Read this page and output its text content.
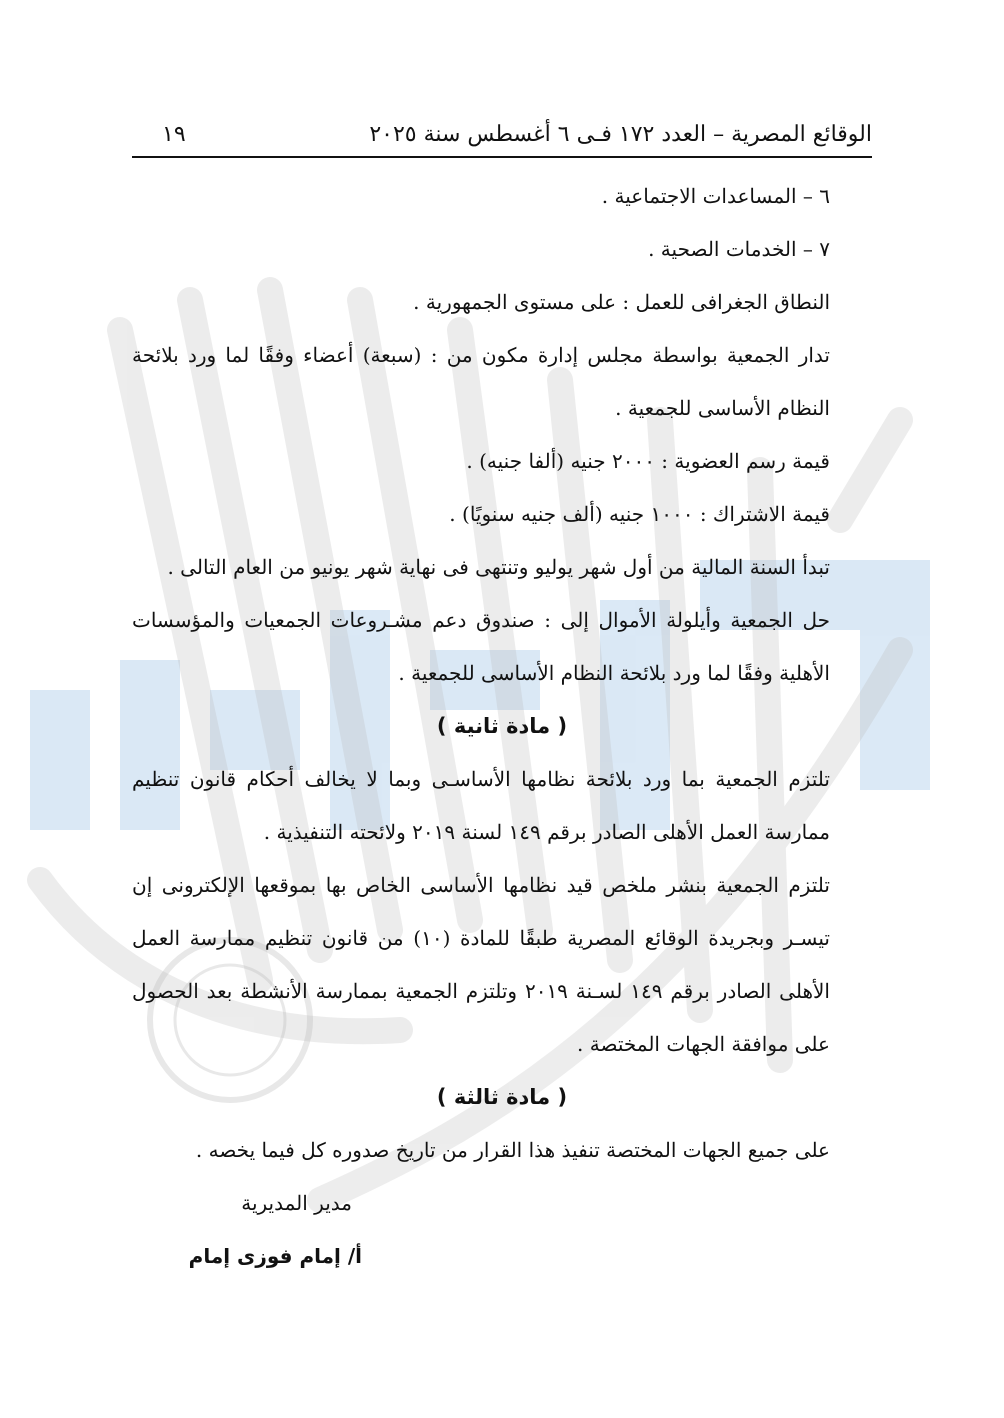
الوقائع المصرية – العدد ١٧٢ فـى ٦ أغسطس سنة ٢٠٢٥
١٩

٦ – المساعدات الاجتماعية .

٧ – الخدمات الصحية .

النطاق الجغرافى للعمل : على مستوى الجمهورية .

تدار الجمعية بواسطة مجلس إدارة مكون من : (سبعة) أعضاء وفقًا لما ورد بلائحة النظام الأساسى للجمعية .

قيمة رسم العضوية : ٢٠٠٠ جنيه (ألفا جنيه) .

قيمة الاشتراك : ١٠٠٠ جنيه (ألف جنيه سنويًا) .

تبدأ السنة المالية من أول شهر يوليو وتنتهى فى نهاية شهر يونيو من العام التالى .

حل الجمعية وأيلولة الأموال إلى : صندوق دعم مشـروعات الجمعيات والمؤسسات الأهلية وفقًا لما ورد بلائحة النظام الأساسى للجمعية .

( مادة ثانية )

تلتزم الجمعية بما ورد بلائحة نظامها الأساسـى وبما لا يخالف أحكام قانون تنظيم ممارسة العمل الأهلى الصادر برقم ١٤٩ لسنة ٢٠١٩ ولائحته التنفيذية .

تلتزم الجمعية بنشر ملخص قيد نظامها الأساسى الخاص بها بموقعها الإلكترونى إن تيسـر وبجريدة الوقائع المصرية طبقًا للمادة (١٠) من قانون تنظيم ممارسة العمل الأهلى الصادر برقم ١٤٩ لسـنة ٢٠١٩ وتلتزم الجمعية بممارسة الأنشطة بعد الحصول على موافقة الجهات المختصة .

( مادة ثالثة )

على جميع الجهات المختصة تنفيذ هذا القرار من تاريخ صدوره كل فيما يخصه .

مدير المديرية

أ/ إمام فوزى إمام
